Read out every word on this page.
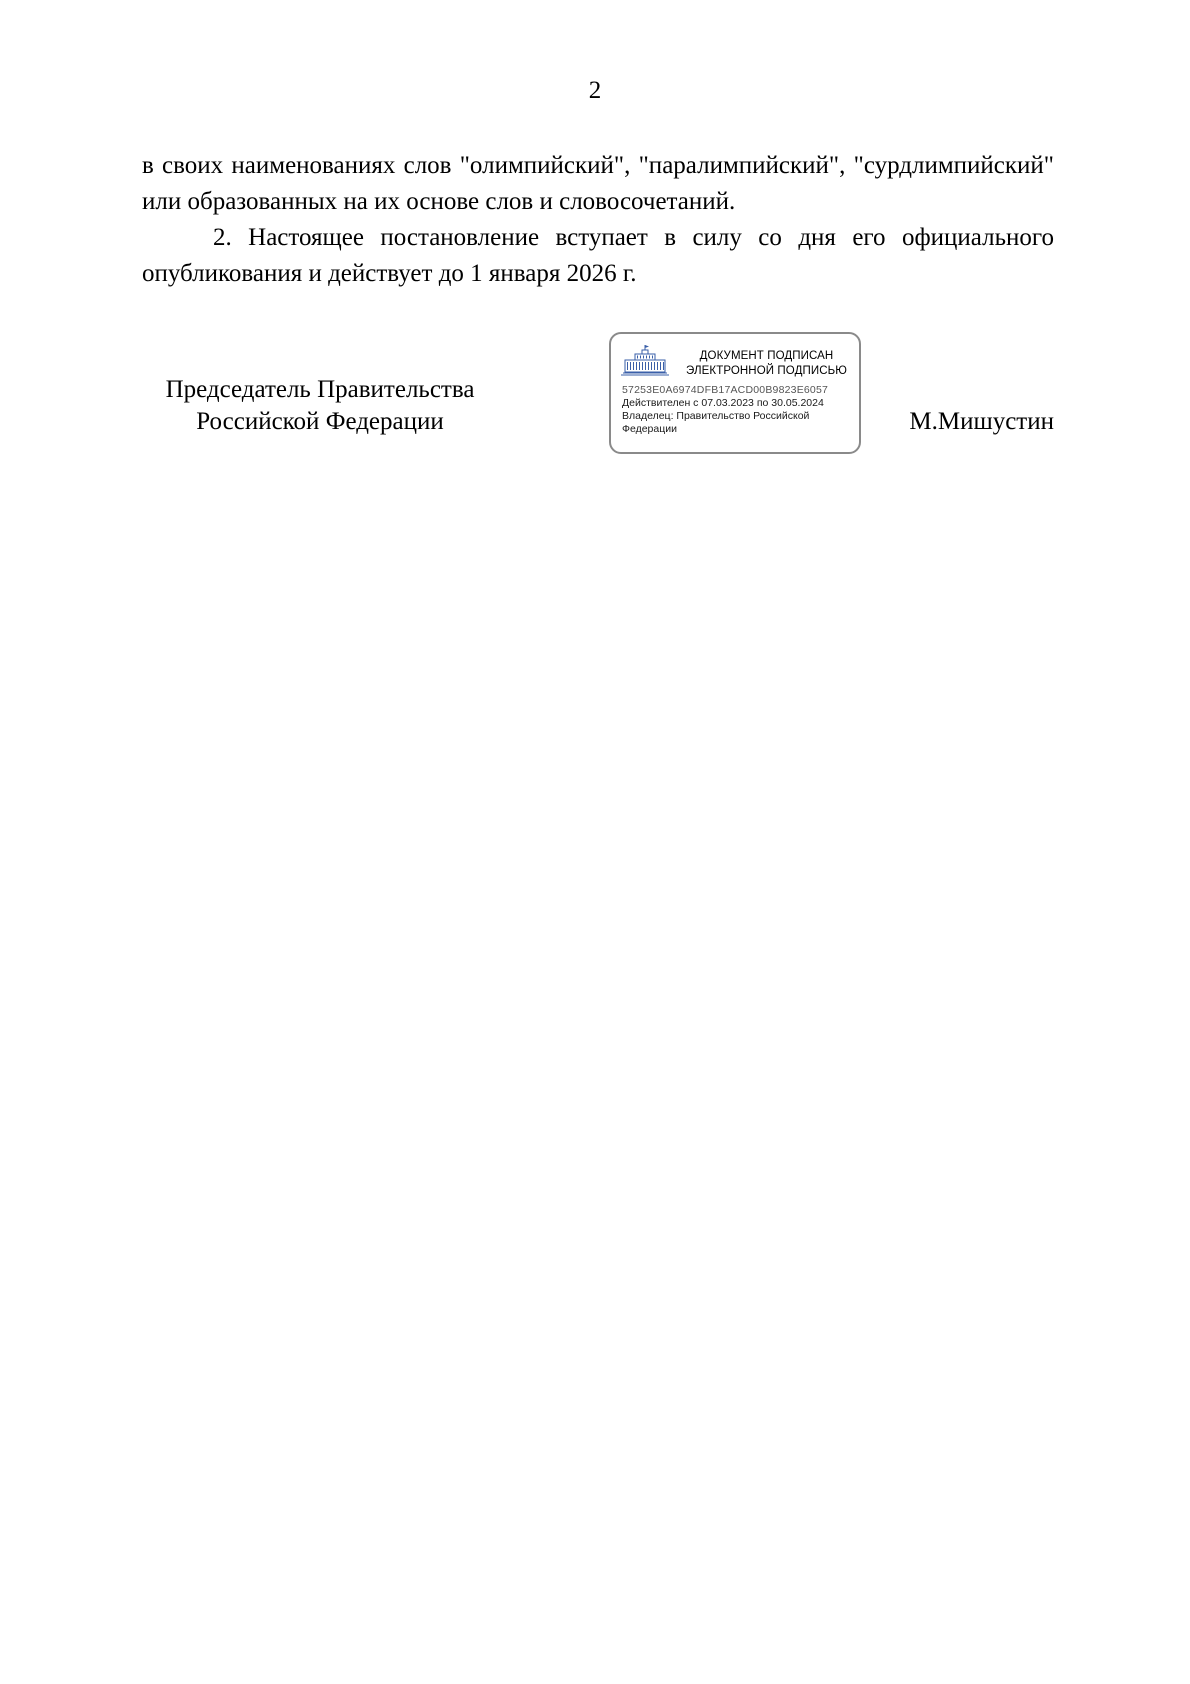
2

в своих наименованиях слов "олимпийский", "паралимпийский", "сурдлимпийский" или образованных на их основе слов и словосочетаний.

2. Настоящее постановление вступает в силу со дня его официального опубликования и действует до 1 января 2026 г.

Председатель Правительства
Российской Федерации
ДОКУМЕНТ ПОДПИСАН
ЭЛЕКТРОННОЙ ПОДПИСЬЮ
57253E0A6974DFB17ACD00B9823E6057
Действителен с 07.03.2023 по 30.05.2024
Владелец: Правительство Российской Федерации	М.Мишустин
